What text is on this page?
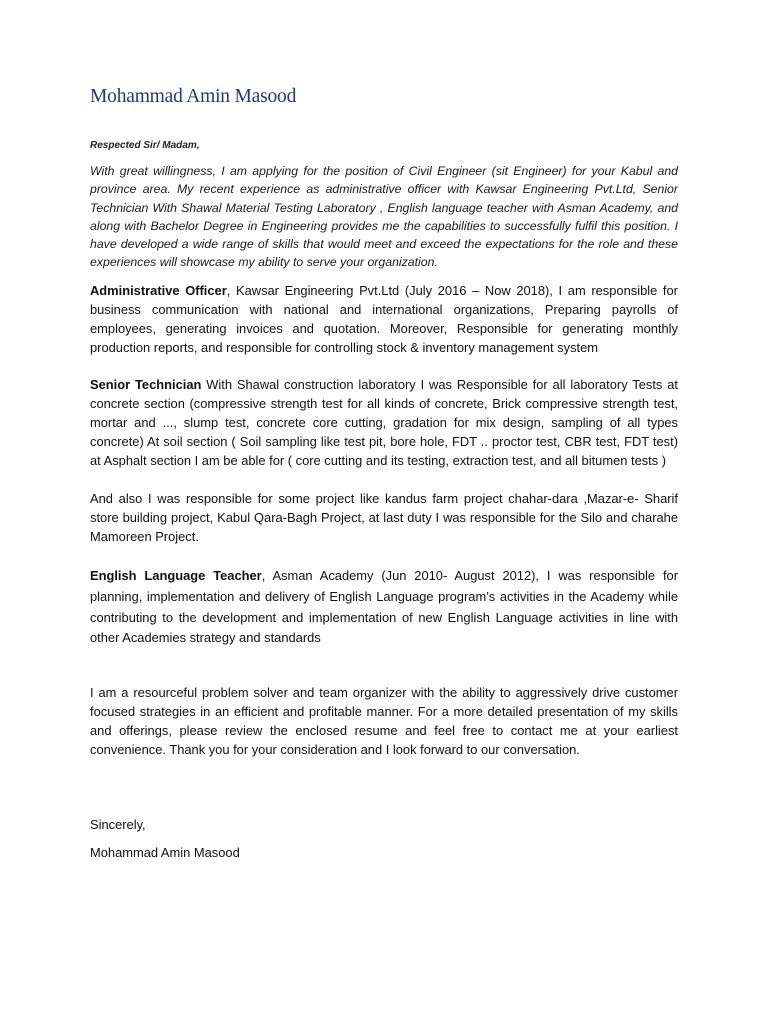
Mohammad Amin Masood
Respected Sir/ Madam,

With great willingness, I am applying for the position of Civil Engineer (sit Engineer) for your Kabul and province area. My recent experience as administrative officer with Kawsar Engineering Pvt.Ltd, Senior Technician With Shawal Material Testing Laboratory , English language teacher with Asman Academy, and along with Bachelor Degree in Engineering provides me the capabilities to successfully fulfil this position. I have developed a wide range of skills that would meet and exceed the expectations for the role and these experiences will showcase my ability to serve your organization.

Administrative Officer, Kawsar Engineering Pvt.Ltd (July 2016 – Now 2018), I am responsible for business communication with national and international organizations, Preparing payrolls of employees, generating invoices and quotation. Moreover, Responsible for generating monthly production reports, and responsible for controlling stock & inventory management system

Senior Technician With Shawal construction laboratory I was Responsible for all laboratory Tests at concrete section (compressive strength test for all kinds of concrete, Brick compressive strength test, mortar and ..., slump test, concrete core cutting, gradation for mix design, sampling of all types concrete) At soil section ( Soil sampling like test pit, bore hole, FDT .. proctor test, CBR test, FDT test) at Asphalt section I am be able for ( core cutting and its testing, extraction test, and all bitumen tests )

And also I was responsible for some project like kandus farm project chahar-dara ,Mazar-e- Sharif store building project, Kabul Qara-Bagh Project, at last duty I was responsible for the Silo and charahe Mamoreen Project.

English Language Teacher, Asman Academy (Jun 2010- August 2012), I was responsible for planning, implementation and delivery of English Language program’s activities in the Academy while contributing to the development and implementation of new English Language activities in line with other Academies strategy and standards

I am a resourceful problem solver and team organizer with the ability to aggressively drive customer focused strategies in an efficient and profitable manner. For a more detailed presentation of my skills and offerings, please review the enclosed resume and feel free to contact me at your earliest convenience. Thank you for your consideration and I look forward to our conversation.

Sincerely,

Mohammad Amin Masood
